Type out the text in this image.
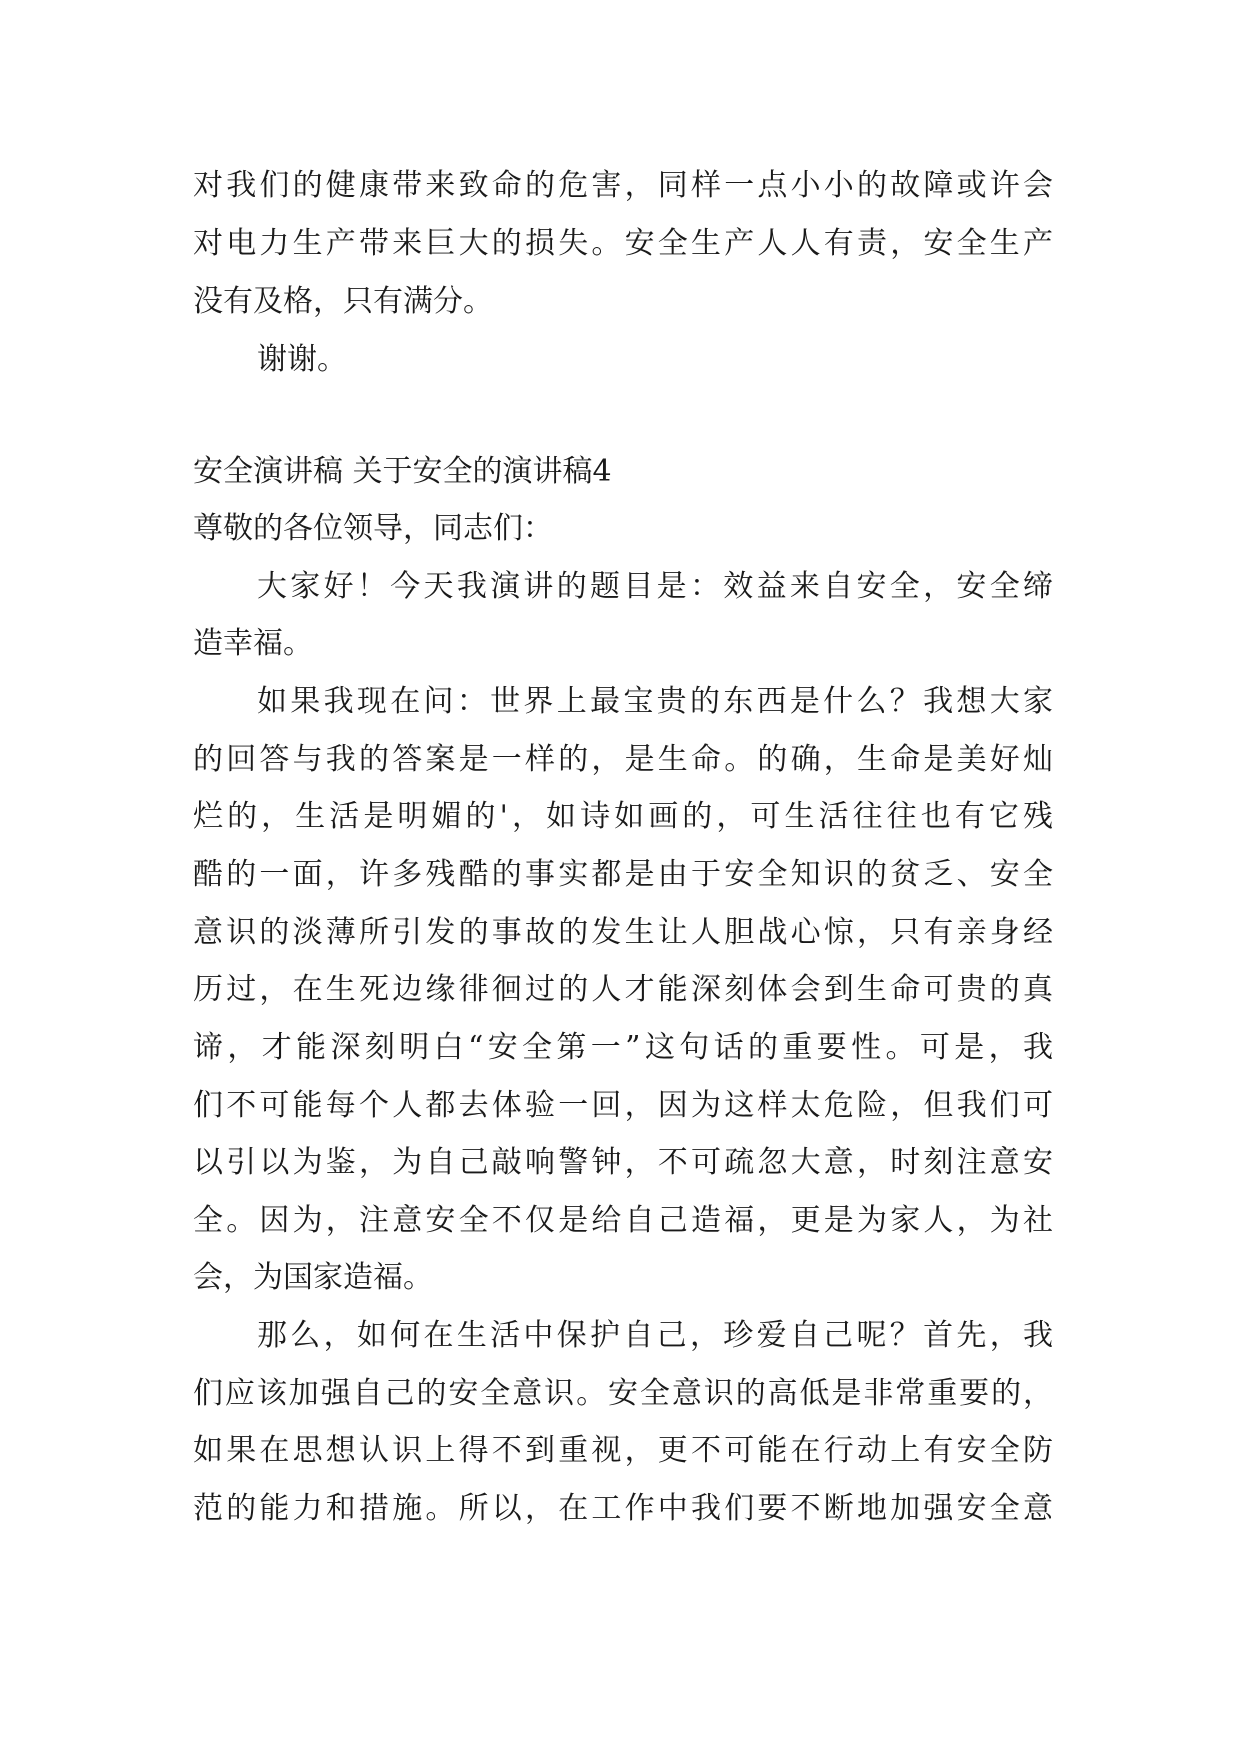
对我们的健康带来致命的危害，同样一点小小的故障或许会
对电力生产带来巨大的损失。安全生产人人有责，安全生产
没有及格，只有满分。
谢谢。
安全演讲稿 关于安全的演讲稿4
尊敬的各位领导，同志们：
大家好！今天我演讲的题目是：效益来自安全，安全缔
造幸福。
如果我现在问：世界上最宝贵的东西是什么？我想大家
的回答与我的答案是一样的，是生命。的确，生命是美好灿
烂的，生活是明媚的'，如诗如画的，可生活往往也有它残
酷的一面，许多残酷的事实都是由于安全知识的贫乏、安全
意识的淡薄所引发的事故的发生让人胆战心惊，只有亲身经
历过，在生死边缘徘徊过的人才能深刻体会到生命可贵的真
谛，才能深刻明白“安全第一”这句话的重要性。可是，我
们不可能每个人都去体验一回，因为这样太危险，但我们可
以引以为鉴，为自己敲响警钟，不可疏忽大意，时刻注意安
全。因为，注意安全不仅是给自己造福，更是为家人，为社
会，为国家造福。
那么，如何在生活中保护自己，珍爱自己呢？首先，我
们应该加强自己的安全意识。安全意识的高低是非常重要的，
如果在思想认识上得不到重视，更不可能在行动上有安全防
范的能力和措施。所以，在工作中我们要不断地加强安全意
